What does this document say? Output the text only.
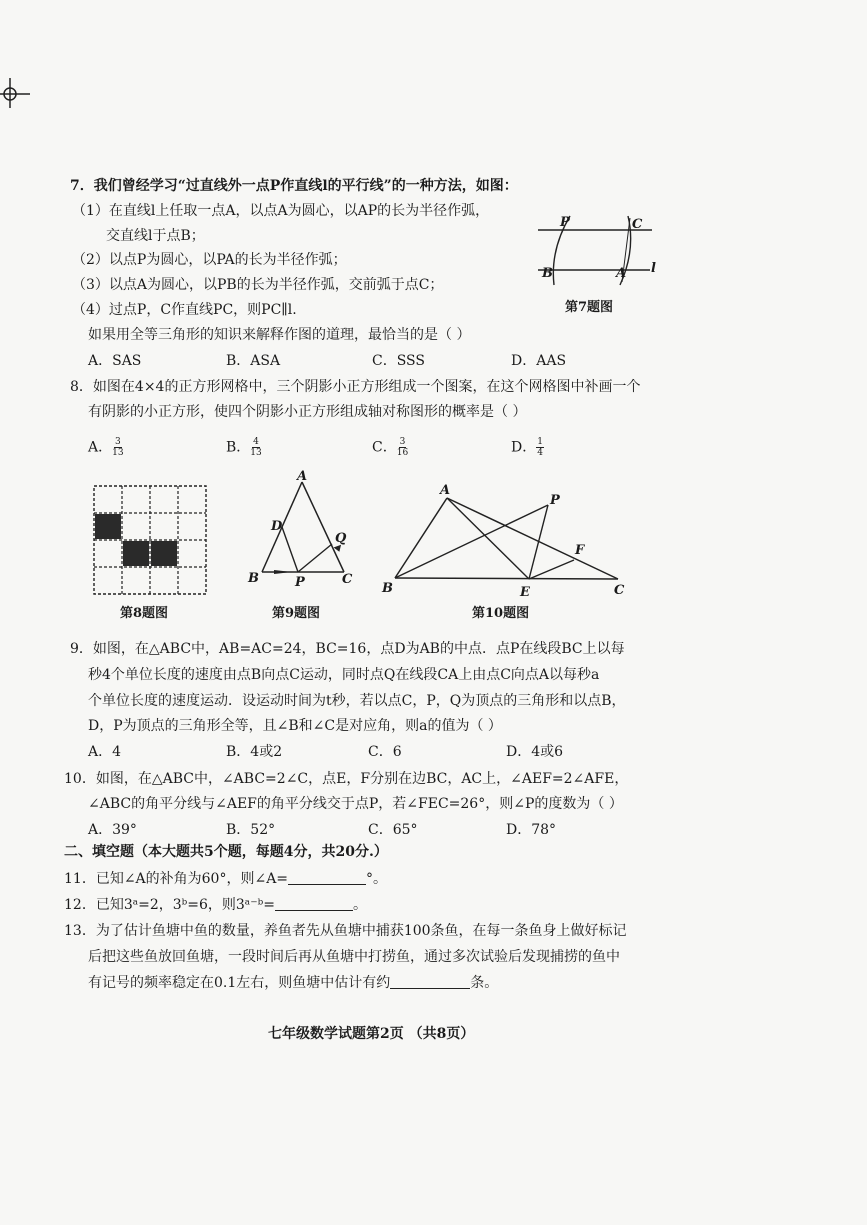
7．我们曾经学习“过直线外一点P作直线l的平行线”的一种方法，如图：
（1）在直线l上任取一点A，以点A为圆心，以AP的长为半径作弧，
交直线l于点B；
（2）以点P为圆心，以PA的长为半径作弧；
（3）以点A为圆心，以PB的长为半径作弧，交前弧于点C；
（4）过点P，C作直线PC，则PC∥l.
如果用全等三角形的知识来解释作图的道理，最恰当的是（ ）
A．SAS	B．ASA	C．SSS	D．AAS
P	C
B	A l
第7题图
8．如图在4×4的正方形网格中，三个阴影小正方形组成一个图案，在这个网格图中补画一个
有阴影的小正方形，使四个阴影小正方形组成轴对称图形的概率是（ ）
A． $\frac{3}{13}$	B． $\frac{4}{13}$	C． $\frac{3}{16}$	D． $\frac{1}{4}$
第8题图
A
D
Q
B	P	C
第9题图
A
P
F
B	E	C
第10题图
9．如图，在△ABC中，AB=AC=24，BC=16，点D为AB的中点．点P在线段BC上以每
秒4个单位长度的速度由点B向点C运动，同时点Q在线段CA上由点C向点A以每秒a
个单位长度的速度运动．设运动时间为t秒，若以点C，P，Q为顶点的三角形和以点B，
D，P为顶点的三角形全等，且∠B和∠C是对应角，则a的值为（ ）
A．4	B．4或2	C．6	D．4或6
10．如图，在△ABC中，∠ABC=2∠C，点E，F分别在边BC，AC上，∠AEF=2∠AFE，
∠ABC的角平分线与∠AEF的角平分线交于点P，若∠FEC=26°，则∠P的度数为（ ）
A．39°	B．52°	C．65°	D．78°
二、填空题（本大题共5个题，每题4分，共20分.）
11．已知∠A的补角为60°，则∠A=	°。
12．已知3ᵃ=2，3ᵇ=6，则3ᵃ⁻ᵇ=	。
13．为了估计鱼塘中鱼的数量，养鱼者先从鱼塘中捕获100条鱼，在每一条鱼身上做好标记
后把这些鱼放回鱼塘，一段时间后再从鱼塘中打捞鱼，通过多次试验后发现捕捞的鱼中
有记号的频率稳定在0.1左右，则鱼塘中估计有约	条。
七年级数学试题第2页 （共8页）
